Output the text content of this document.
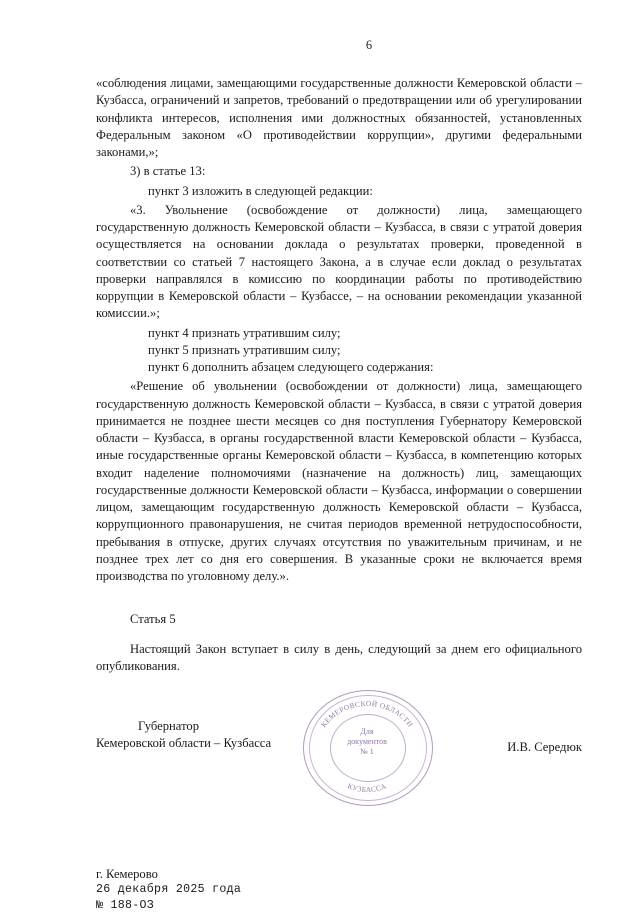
6

«соблюдения лицами, замещающими государственные должности Кемеровской области – Кузбасса, ограничений и запретов, требований о предотвращении или об урегулировании конфликта интересов, исполнения ими должностных обязанностей, установленных Федеральным законом «О противодействии коррупции», другими федеральными законами,»;

3) в статье 13:

пункт 3 изложить в следующей редакции:

«3. Увольнение (освобождение от должности) лица, замещающего государственную должность Кемеровской области – Кузбасса, в связи с утратой доверия осуществляется на основании доклада о результатах проверки, проведенной в соответствии со статьей 7 настоящего Закона, а в случае если доклад о результатах проверки направлялся в комиссию по координации работы по противодействию коррупции в Кемеровской области – Кузбассе, – на основании рекомендации указанной комиссии.»;

пункт 4 признать утратившим силу;

пункт 5 признать утратившим силу;

пункт 6 дополнить абзацем следующего содержания:

«Решение об увольнении (освобождении от должности) лица, замещающего государственную должность Кемеровской области – Кузбасса, в связи с утратой доверия принимается не позднее шести месяцев со дня поступления Губернатору Кемеровской области – Кузбасса, в органы государственной власти Кемеровской области – Кузбасса, иные государственные органы Кемеровской области – Кузбасса, в компетенцию которых входит наделение полномочиями (назначение на должность) лиц, замещающих государственные должности Кемеровской области – Кузбасса, информации о совершении лицом, замещающим государственную должность Кемеровской области – Кузбасса, коррупционного правонарушения, не считая периодов временной нетрудоспособности, пребывания в отпуске, других случаях отсутствия по уважительным причинам, и не позднее трех лет со дня его совершения. В указанные сроки не включается время производства по уголовному делу.».

Статья 5

Настоящий Закон вступает в силу в день, следующий за днем его официального опубликования.

Губернатор
Кемеровской области – Кузбасса	И.В. Середюк
г. Кемерово
26 декабря 2025 года
№ 188-ОЗ
КЕМЕРОВСКОЙ ОБЛАСТИ
КУЗБАССА
Для
документов
№ 1
